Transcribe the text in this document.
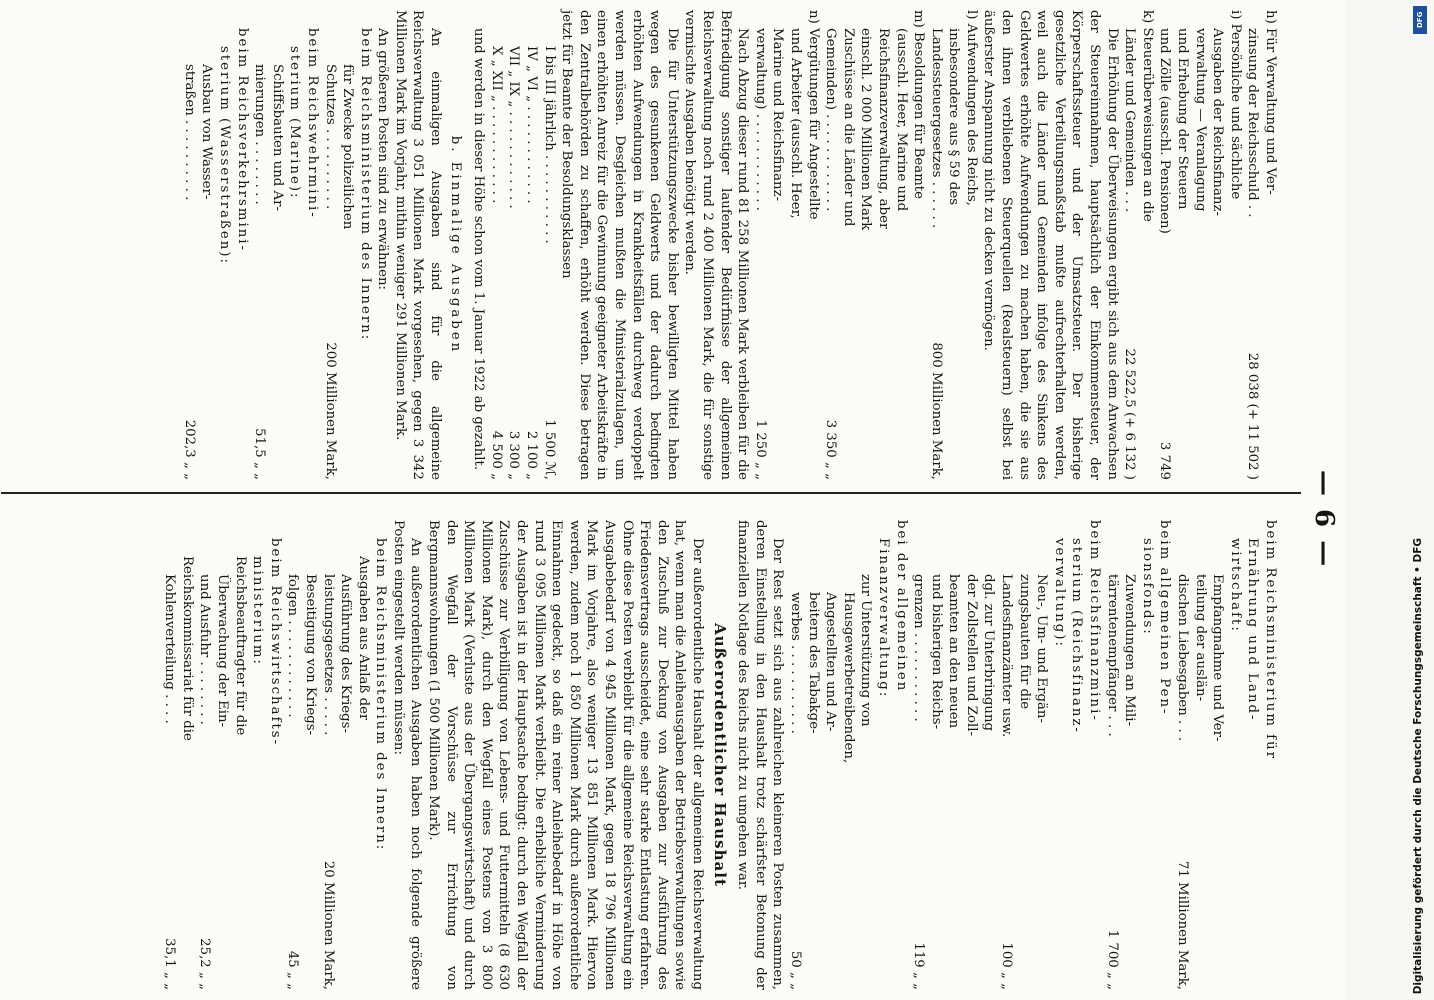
— 6 —
h) Für Verwaltung und Ver-
zinsung der Reichsschuld . .
28 038 (+ 11 502 )
i) Persönliche und sächliche
Ausgaben der Reichsfinanz-
verwaltung — Veranlagung
und Erhebung der Steuern
und Zölle (ausschl. Pensionen)
3 749
k) Steuerüberweisungen an die
Länder und Gemeinden . . .
22 522,5 (+ 6 132 )
Die Erhöhung der Überweisungen ergibt sich aus dem Anwachsen der Steuereinnahmen, hauptsächlich der Einkommensteuer, der Körperschaftssteuer und der Umsatzsteuer. Der bisherige gesetzliche Verteilungsmaßstab mußte aufrechterhalten werden, weil auch die Länder und Gemeinden infolge des Sinkens des Geldwertes erhöhte Aufwendungen zu machen haben, die sie aus den ihnen verbliebenen Steuerquellen (Realsteuern) selbst bei äußerster Anspannung nicht zu decken vermögen.
l) Aufwendungen des Reichs,
insbesondere aus § 59 des
Landessteuergesetzes . . . . . .
800 Millionen Mark,
m) Besoldungen für Beamte
(ausschl. Heer, Marine und
Reichsfinanzverwaltung, aber
einschl. 2 000 Millionen Mark
Zuschüsse an die Länder und
Gemeinden) . . . . . . . . . . . .
3 350 „ „
n) Vergütungen für Angestellte
und Arbeiter (ausschl. Heer,
Marine und Reichsfinanz-
verwaltung) . . . . . . . . . . . .
1 250 „ „
Nach Abzug dieser rund 81 258 Millionen Mark verbleiben für die Befriedigung sonstiger laufender Bedürfnisse der allgemeinen Reichsverwaltung noch rund 2 400 Millionen Mark, die für sonstige vermischte Ausgaben benötigt werden.
Die für Unterstützungszwecke bisher bewilligten Mittel haben wegen des gesunkenen Geldwerts und der dadurch bedingten erhöhten Aufwendungen in Krankheitsfällen durchweg verdoppelt werden müssen. Desgleichen mußten die Ministerialzulagen, um einen erhöhten Anreiz für die Gewinnung geeigneter Arbeitskräfte in den Zentralbehörden zu schaffen, erhöht werden. Diese betragen jetzt für Beamte der Besoldungsklassen
I bis III jährlich . . . . . . . . . . .
1 500 ℳ,
IV „ VI „ . . . . . . . . . . . .
2 100 „
VII „ IX „ . . . . . . . . . . . .
3 300 „
X „ XII „ . . . . . . . . . . . .
4 500 „
und werden in dieser Höhe schon vom 1. Januar 1922 ab gezahlt.
b. Einmalige Ausgaben
An einmaligen Ausgaben sind für die allgemeine Reichsverwaltung 3 051 Millionen Mark vorgesehen, gegen 3 342 Millionen Mark im Vorjahr, mithin weniger 291 Millionen Mark.
An größeren Posten sind zu erwähnen:
beim Reichsministerium des Innern:
für Zwecke polizeilichen
Schutzes . . . . . . . . . .
200 Millionen Mark,
beim Reichswehrmini-
sterium (Marine):
Schiffsbauten und Ar-
mierungen . . . . . . . .
51,5 „ „
beim Reichsverkehrsmini-
sterium (Wasserstraßen):
Ausbau von Wasser-
straßen . . . . . . . . . .
202,3 „ „
beim Reichsministerium für
Ernährung und Land-
wirtschaft:
Empfangnahme und Ver-
teilung der auslän-
dischen Liebesgaben . . .
71 Millionen Mark,
beim allgemeinen Pen-
sionsfonds:
Zuwendungen an Mili-
tärrentenempfänger . . .
1 700 „ „
beim Reichsfinanzmini-
sterium (Reichsfinanz-
verwaltung):
Neu-, Um- und Ergän-
zungsbauten für die
Landesfinanzämter usw.
100 „ „
dgl. zur Unterbringung
der Zollstellen und Zoll-
beamten an den neuen
und bisherigen Reichs-
grenzen . . . . . . . . . . .
119 „ „
bei der allgemeinen
Finanzverwaltung:
zur Unterstützung von
Hausgewerbetreibenden,
Angestellten und Ar-
beitern des Tabakge-
werbes . . . . . . . . . . .
50 „ „
Der Rest setzt sich aus zahlreichen kleineren Posten zusammen, deren Einstellung in den Haushalt trotz schärfster Betonung der finanziellen Notlage des Reichs nicht zu umgehen war.
Außerordentlicher Haushalt
Der außerordentliche Haushalt der allgemeinen Reichsverwaltung hat, wenn man die Anleiheausgaben der Betriebsverwaltungen sowie den Zuschuß zur Deckung von Ausgaben zur Ausführung des Friedensvertrags ausscheidet, eine sehr starke Entlastung erfahren. Ohne diese Posten verbleibt für die allgemeine Reichsverwaltung ein Ausgabebedarf von 4 945 Millionen Mark, gegen 18 796 Millionen Mark im Vorjahre, also weniger 13 851 Millionen Mark. Hiervon werden, zudem noch 1 850 Millionen Mark durch außerordentliche Einnahmen gedeckt, so daß ein reiner Anleihebedarf in Höhe von rund 3 095 Millionen Mark verbleibt. Die erhebliche Verminderung der Ausgaben ist in der Hauptsache bedingt: durch den Wegfall der Zuschüsse zur Verbilligung von Lebens- und Futtermitteln (8 630 Millionen Mark), durch den Wegfall eines Postens von 3 800 Millionen Mark (Verluste aus der Übergangswirtschaft) und durch den Wegfall der Vorschüsse zur Errichtung von Bergmannswohnungen (1 500 Millionen Mark).
An außerordentlichen Ausgaben haben noch folgende größere Posten eingestellt werden müssen:
beim Reichsministerium des Innern:
Ausgaben aus Anlaß der
Ausführung des Kriegs-
leistungsgesetzes . . . . .
20 Millionen Mark,
Beseitigung von Kriegs-
folgen . . . . . . . . . . . .
45 „ „
beim Reichswirtschafts-
ministerium:
Reichsbeauftragter für die
Überwachung der Ein-
und Ausfuhr . . . . . . . .
25,2 „ „
Reichskommissariat für die
Kohlenverteilung . . . .
35,1 „ „
DFG
Digitalisierung gefördert durch die Deutsche Forschungsgemeinschaft • DFG
